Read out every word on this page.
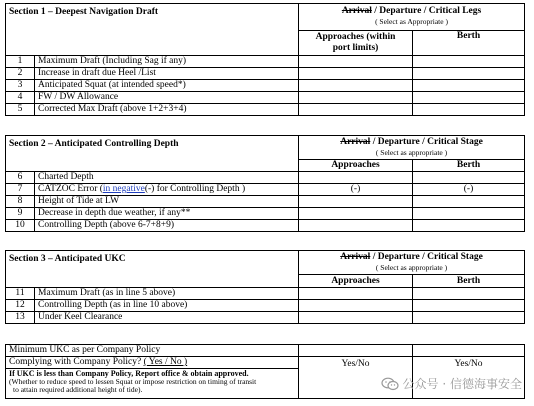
Section 1 – Deepest Navigation Draft		Arrival / Departure / Critical Legs
( Select as Appropriate )	
		Approaches (within
port limits)	Berth
1	Maximum Draft (Including Sag if any)		
2	Increase in draft due Heel /List		
3	Anticipated Squat (at intended speed*)		
4	FW / DW Allowance		
5	Corrected Max Draft (above 1+2+3+4)		
Section 2 – Anticipated Controlling Depth		Arrival / Departure / Critical Stage
( Select as appropriate )	
		Approaches	Berth
6	Charted Depth		
7	CATZOC Error (in negative(-) for Controlling Depth )	(-)	(-)
8	Height of Tide at LW		
9	Decrease in depth due weather, if any**		
10	Controlling Depth (above 6-7+8+9)		
Section 3 – Anticipated UKC		Arrival / Departure / Critical Stage
( Select as appropriate )	
		Approaches	Berth
11	Maximum Draft (as in line 5 above)		
12	Controlling Depth (as in line 10 above)		
13	Under Keel Clearance		
Minimum UKC as per Company Policy		
Complying with Company Policy? ( Yes / No )	Yes/No	Yes/No

If UKC is less than Company Policy, Report office & obtain approved.
(Whether to reduce speed to lessen Squat or impose restriction on timing of transit
to attain required additional height of tide).			公众号 · 信德海事安全
